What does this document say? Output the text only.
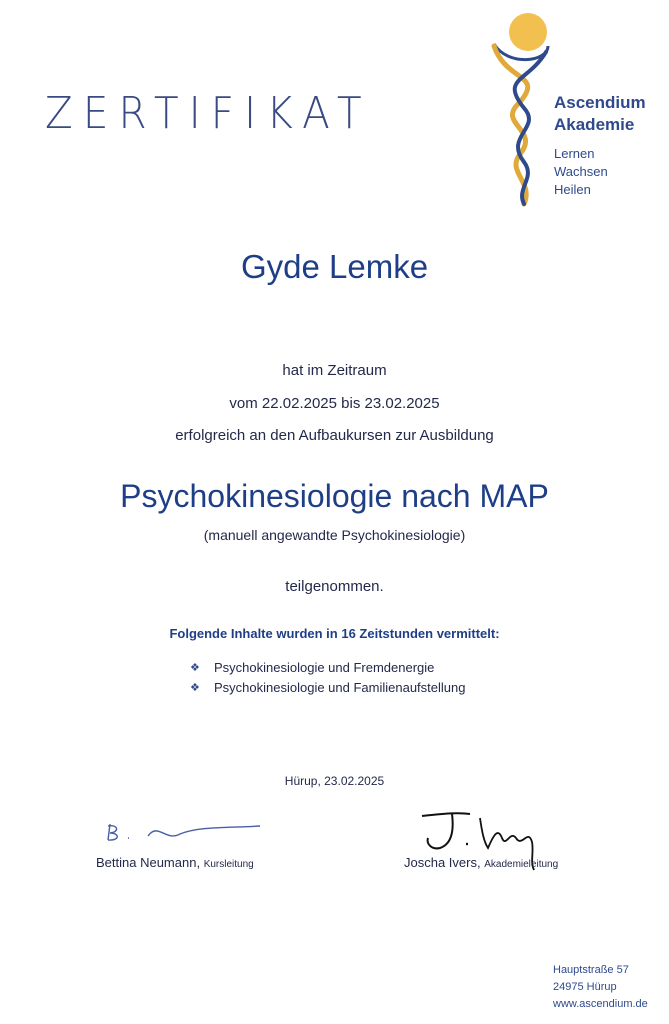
ZERTIFIKAT	Ascendium
Akademie
Lernen
Wachsen
Heilen
Gyde Lemke
hat im Zeitraum
vom 22.02.2025 bis 23.02.2025
erfolgreich an den Aufbaukursen zur Ausbildung
Psychokinesiologie nach MAP
(manuell angewandte Psychokinesiologie)
teilgenommen.
Folgende Inhalte wurden in 16 Zeitstunden vermittelt:
❖	Psychokinesiologie und Fremdenergie
❖	Psychokinesiologie und Familienaufstellung
Hürup, 23.02.2025
Bettina Neumann, Kursleitung	Joscha Ivers, Akademieleitung
Hauptstraße 57
24975 Hürup
www.ascendium.de
